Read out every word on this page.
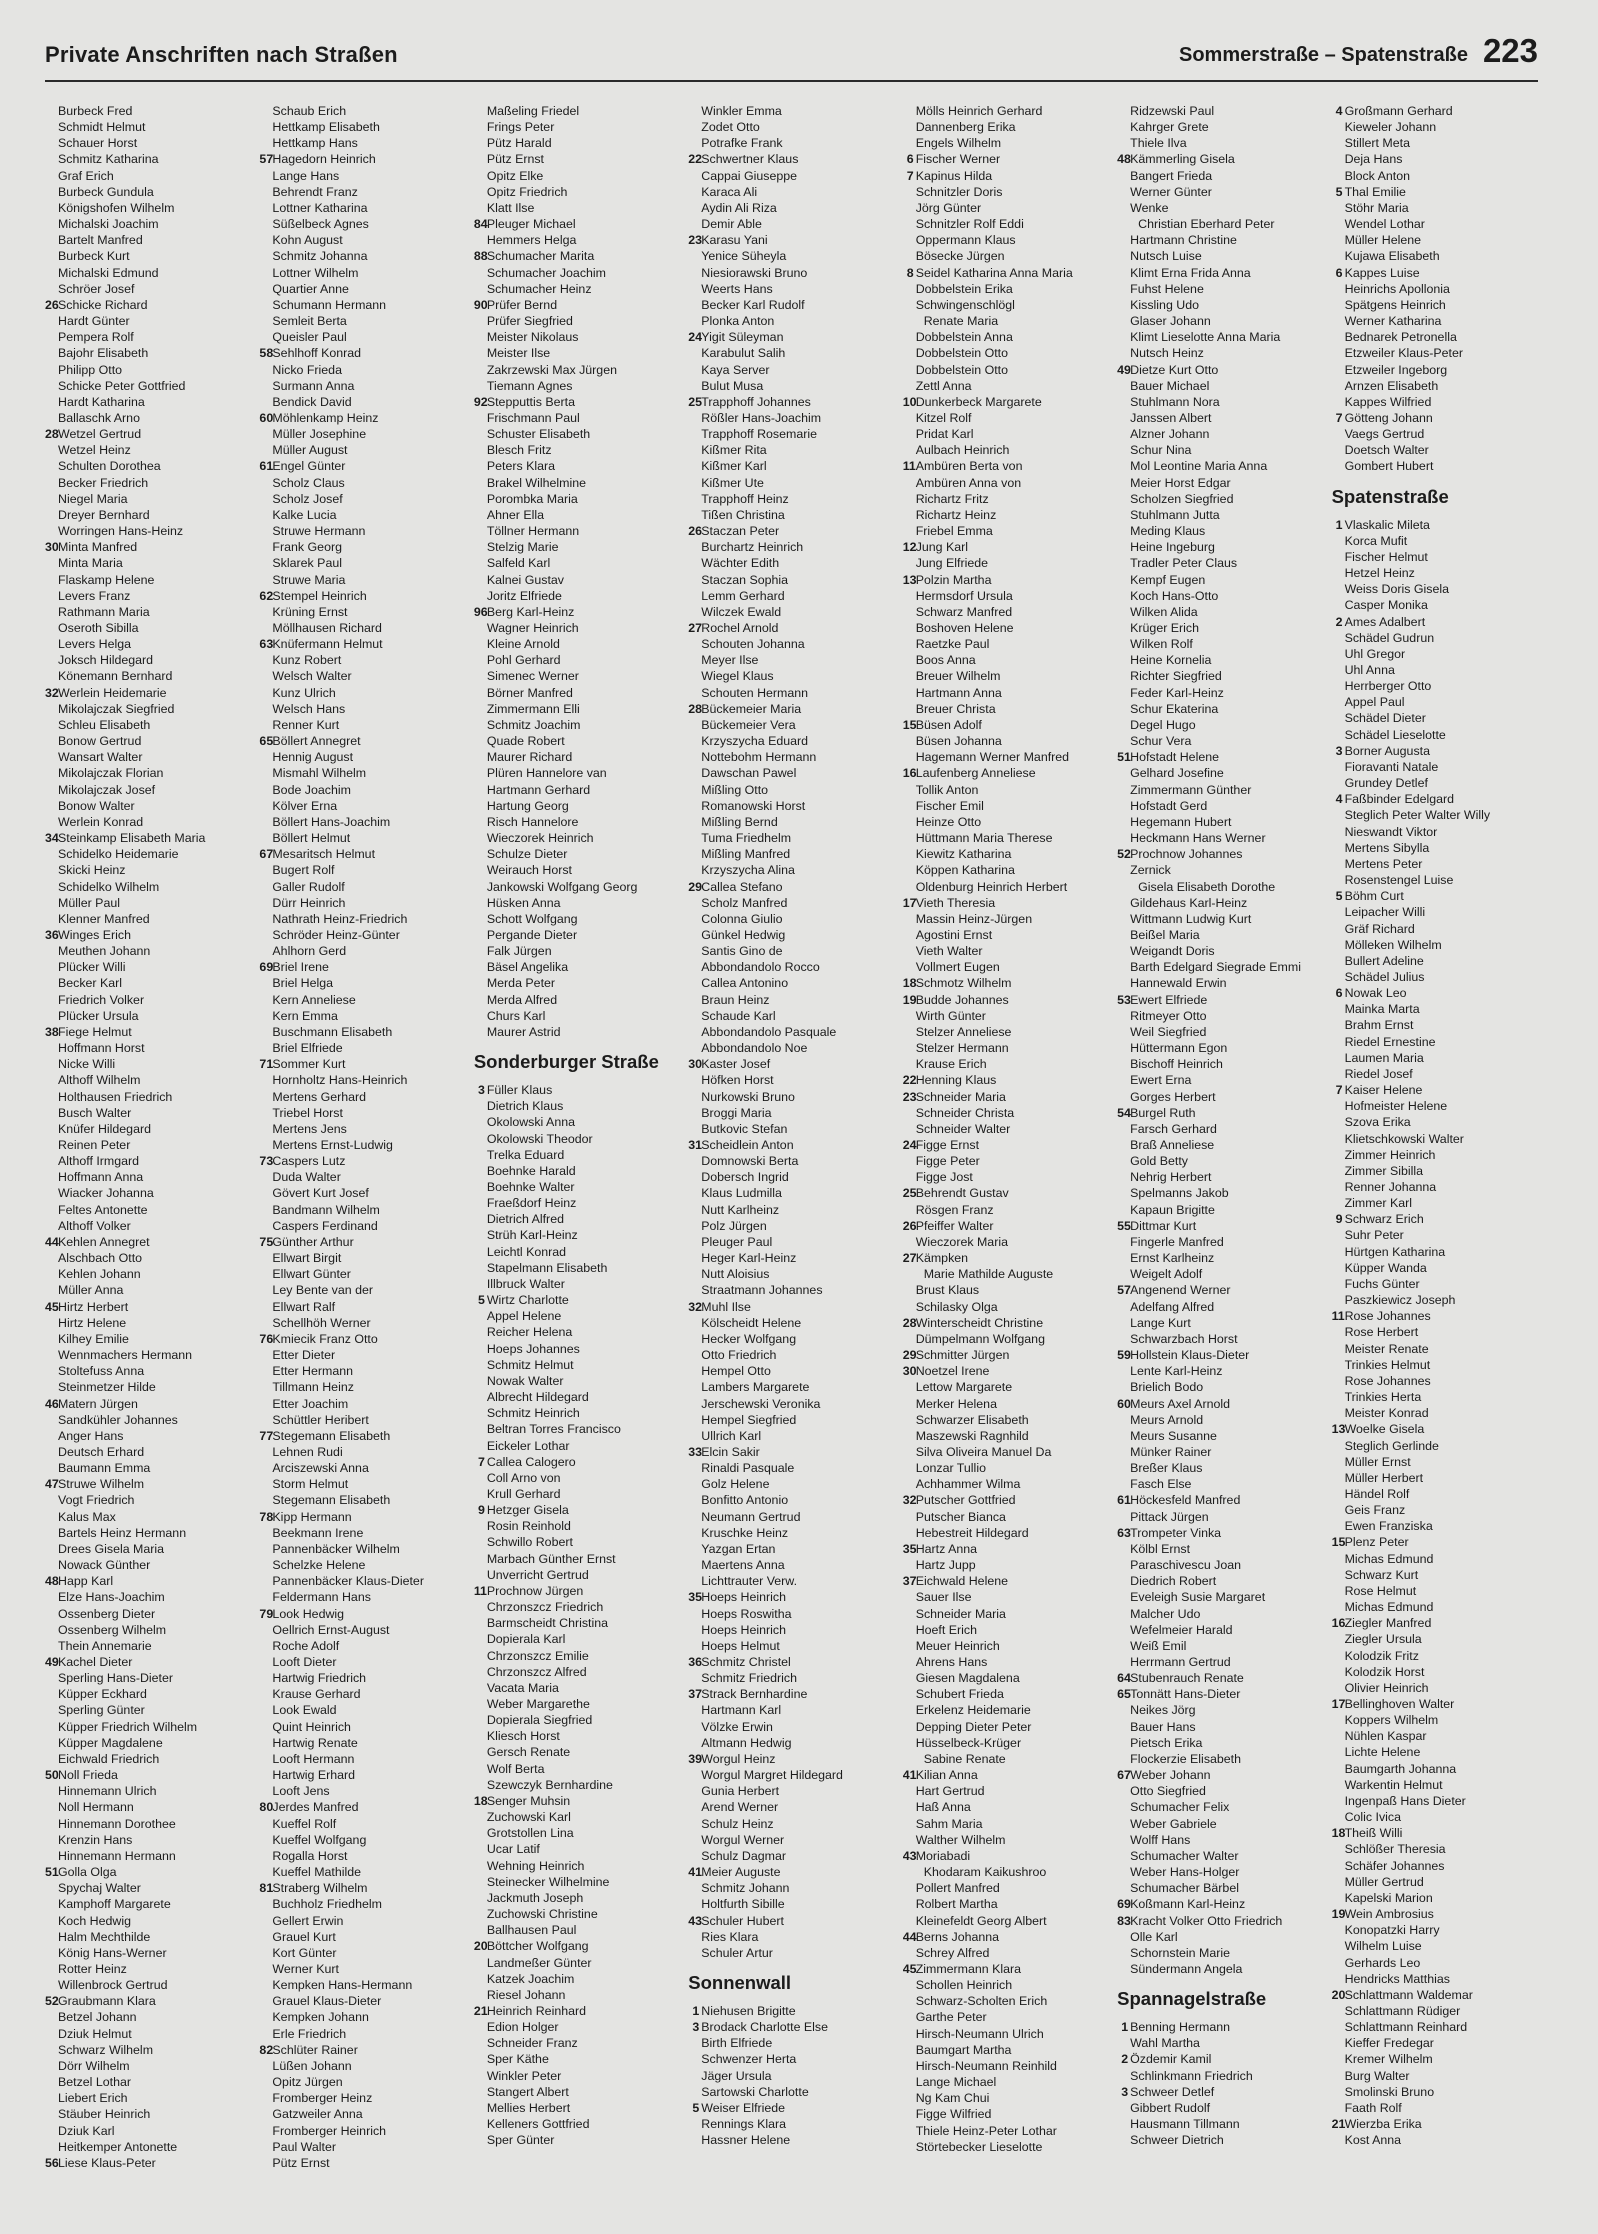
Private Anschriften nach Straßen	Sommerstraße – Spatenstraße 223
Burbeck Fred
Schmidt Helmut
Schauer Horst
Schmitz Katharina
Graf Erich
Burbeck Gundula
Königshofen Wilhelm
Michalski Joachim
Bartelt Manfred
Burbeck Kurt
Michalski Edmund
Schröer Josef
26 Schicke Richard
Hardt Günter
Pempera Rolf
Bajohr Elisabeth
Philipp Otto
Schicke Peter Gottfried
Hardt Katharina
Ballaschk Arno
28 Wetzel Gertrud
Wetzel Heinz
Schulten Dorothea
Becker Friedrich
Niegel Maria
Dreyer Bernhard
Worringen Hans-Heinz
30 Minta Manfred
Minta Maria
Flaskamp Helene
Levers Franz
Rathmann Maria
Oseroth Sibilla
Levers Helga
Joksch Hildegard
Könemann Bernhard
32 Werlein Heidemarie
Mikolajczak Siegfried
Schleu Elisabeth
Bonow Gertrud
Wansart Walter
Mikolajczak Florian
Mikolajczak Josef
Bonow Walter
Werlein Konrad
34 Steinkamp Elisabeth Maria
Schidelko Heidemarie
Skicki Heinz
Schidelko Wilhelm
Müller Paul
Klenner Manfred
36 Winges Erich
Meuthen Johann
Plücker Willi
Becker Karl
Friedrich Volker
Plücker Ursula
38 Fiege Helmut
Hoffmann Horst
Nicke Willi
Althoff Wilhelm
Holthausen Friedrich
Busch Walter
Knüfer Hildegard
Reinen Peter
Althoff Irmgard
Hoffmann Anna
Wiacker Johanna
Feltes Antonette
Althoff Volker
44 Kehlen Annegret
Alschbach Otto
Kehlen Johann
Müller Anna
45 Hirtz Herbert
Hirtz Helene
Kilhey Emilie
Wennmachers Hermann
Stoltefuss Anna
Steinmetzer Hilde
46 Matern Jürgen
Sandkühler Johannes
Anger Hans
Deutsch Erhard
Baumann Emma
47 Struwe Wilhelm
Vogt Friedrich
Kalus Max
Bartels Heinz Hermann
Drees Gisela Maria
Nowack Günther
48 Happ Karl
Elze Hans-Joachim
Ossenberg Dieter
Ossenberg Wilhelm
Thein Annemarie
49 Kachel Dieter
Sperling Hans-Dieter
Küpper Eckhard
Sperling Günter
Küpper Friedrich Wilhelm
Küpper Magdalene
Eichwald Friedrich
50 Noll Frieda
Hinnemann Ulrich
Noll Hermann
Hinnemann Dorothee
Krenzin Hans
Hinnemann Hermann
51 Golla Olga
Spychaj Walter
Kamphoff Margarete
Koch Hedwig
Halm Mechthilde
König Hans-Werner
Rotter Heinz
Willenbrock Gertrud
52 Graubmann Klara
Betzel Johann
Dziuk Helmut
Schwarz Wilhelm
Dörr Wilhelm
Betzel Lothar
Liebert Erich
Stäuber Heinrich
Dziuk Karl
Heitkemper Antonette
56 Liese Klaus-Peter
Schaub Erich
Hettkamp Elisabeth
Hettkamp Hans
57 Hagedorn Heinrich
Lange Hans
Behrendt Franz
Lottner Katharina
Süßelbeck Agnes
Kohn August
Schmitz Johanna
Lottner Wilhelm
Quartier Anne
Schumann Hermann
Semleit Berta
Queisler Paul
58 Sehlhoff Konrad
Nicko Frieda
Surmann Anna
Bendick David
60 Möhlenkamp Heinz
Müller Josephine
Müller August
61 Engel Günter
Scholz Claus
Scholz Josef
Kalke Lucia
Struwe Hermann
Frank Georg
Sklarek Paul
Struwe Maria
62 Stempel Heinrich
Krüning Ernst
Möllhausen Richard
63 Knüfermann Helmut
Kunz Robert
Welsch Walter
Kunz Ulrich
Welsch Hans
Renner Kurt
65 Böllert Annegret
Hennig August
Mismahl Wilhelm
Bode Joachim
Kölver Erna
Böllert Hans-Joachim
Böllert Helmut
67 Mesaritsch Helmut
Bugert Rolf
Galler Rudolf
Dürr Heinrich
Nathrath Heinz-Friedrich
Schröder Heinz-Günter
Ahlhorn Gerd
69 Briel Irene
Briel Helga
Kern Anneliese
Kern Emma
Buschmann Elisabeth
Briel Elfriede
71 Sommer Kurt
Hornholtz Hans-Heinrich
Mertens Gerhard
Triebel Horst
Mertens Jens
Mertens Ernst-Ludwig
73 Caspers Lutz
Duda Walter
Gövert Kurt Josef
Bandmann Wilhelm
Caspers Ferdinand
75 Günther Arthur
Ellwart Birgit
Ellwart Günter
Ley Bente van der
Ellwart Ralf
Schellhöh Werner
76 Kmiecik Franz Otto
Etter Dieter
Etter Hermann
Tillmann Heinz
Etter Joachim
Schüttler Heribert
77 Stegemann Elisabeth
Lehnen Rudi
Arciszewski Anna
Storm Helmut
Stegemann Elisabeth
78 Kipp Hermann
Beekmann Irene
Pannenbäcker Wilhelm
Schelzke Helene
Pannenbäcker Klaus-Dieter
Feldermann Hans
79 Look Hedwig
Oellrich Ernst-August
Roche Adolf
Looft Dieter
Hartwig Friedrich
Krause Gerhard
Look Ewald
Quint Heinrich
Hartwig Renate
Looft Hermann
Hartwig Erhard
Looft Jens
80 Jerdes Manfred
Kueffel Rolf
Kueffel Wolfgang
Rogalla Horst
Kueffel Mathilde
81 Straberg Wilhelm
Buchholz Friedhelm
Gellert Erwin
Grauel Kurt
Kort Günter
Werner Kurt
Kempken Hans-Hermann
Grauel Klaus-Dieter
Kempken Johann
Erle Friedrich
82 Schlüter Rainer
Lüßen Johann
Opitz Jürgen
Fromberger Heinz
Gatzweiler Anna
Fromberger Heinrich
Paul Walter
Pütz Ernst
Maßeling Friedel
Frings Peter
Pütz Harald
Pütz Ernst
Opitz Elke
Opitz Friedrich
Klatt Ilse
84 Pleuger Michael
Hemmers Helga
88 Schumacher Marita
Schumacher Joachim
Schumacher Heinz
90 Prüfer Bernd
Prüfer Siegfried
Meister Nikolaus
Meister Ilse
Zakrzewski Max Jürgen
Tiemann Agnes
92 Stepputtis Berta
Frischmann Paul
Schuster Elisabeth
Blesch Fritz
Peters Klara
Brakel Wilhelmine
Porombka Maria
Ahner Ella
Töllner Hermann
Stelzig Marie
Salfeld Karl
Kalnei Gustav
Joritz Elfriede
96 Berg Karl-Heinz
Wagner Heinrich
Kleine Arnold
Pohl Gerhard
Simenec Werner
Börner Manfred
Zimmermann Elli
Schmitz Joachim
Quade Robert
Maurer Richard
Plüren Hannelore van
Hartmann Gerhard
Hartung Georg
Risch Hannelore
Wieczorek Heinrich
Schulze Dieter
Weirauch Horst
Jankowski Wolfgang Georg
Hüsken Anna
Schott Wolfgang
Pergande Dieter
Falk Jürgen
Bäsel Angelika
Merda Peter
Merda Alfred
Churs Karl
Maurer Astrid
Sonderburger Straße
3 Füller Klaus
Dietrich Klaus
Okolowski Anna
Okolowski Theodor
Trelka Eduard
Boehnke Harald
Boehnke Walter
Fraeßdorf Heinz
Dietrich Alfred
Strüh Karl-Heinz
Leichtl Konrad
Stapelmann Elisabeth
Illbruck Walter
5 Wirtz Charlotte
Appel Helene
Reicher Helena
Hoeps Johannes
Schmitz Helmut
Nowak Walter
Albrecht Hildegard
Schmitz Heinrich
Beltran Torres Francisco
Eickeler Lothar
7 Callea Calogero
Coll Arno von
Krull Gerhard
9 Hetzger Gisela
Rosin Reinhold
Schwillo Robert
Marbach Günther Ernst
Unverricht Gertrud
11 Prochnow Jürgen
Chrzonszcz Friedrich
Barmscheidt Christina
Dopierala Karl
Chrzonszcz Emilie
Chrzonszcz Alfred
Vacata Maria
Weber Margarethe
Dopierala Siegfried
Kliesch Horst
Gersch Renate
Wolf Berta
Szewczyk Bernhardine
18 Senger Muhsin
Zuchowski Karl
Grotstollen Lina
Ucar Latif
Wehning Heinrich
Steinecker Wilhelmine
Jackmuth Joseph
Zuchowski Christine
Ballhausen Paul
20 Böttcher Wolfgang
Landmeßer Günter
Katzek Joachim
Riesel Johann
21 Heinrich Reinhard
Edion Holger
Schneider Franz
Sper Käthe
Winkler Peter
Stangert Albert
Mellies Herbert
Kelleners Gottfried
Sper Günter
Winkler Emma
Zodet Otto
Potrafke Frank
22 Schwertner Klaus
Cappai Giuseppe
Karaca Ali
Aydin Ali Riza
Demir Able
23 Karasu Yani
Yenice Süheyla
Niesiorawski Bruno
Weerts Hans
Becker Karl Rudolf
Plonka Anton
24 Yigit Süleyman
Karabulut Salih
Kaya Server
Bulut Musa
25 Trapphoff Johannes
Rößler Hans-Joachim
Trapphoff Rosemarie
Kißmer Rita
Kißmer Karl
Kißmer Ute
Trapphoff Heinz
Tißen Christina
26 Staczan Peter
Burchartz Heinrich
Wächter Edith
Staczan Sophia
Lemm Gerhard
Wilczek Ewald
27 Rochel Arnold
Schouten Johanna
Meyer Ilse
Wiegel Klaus
Schouten Hermann
28 Bückemeier Maria
Bückemeier Vera
Krzyszycha Eduard
Nottebohm Hermann
Dawschan Pawel
Mißling Otto
Romanowski Horst
Mißling Bernd
Tuma Friedhelm
Mißling Manfred
Krzyszycha Alina
29 Callea Stefano
Scholz Manfred
Colonna Giulio
Günkel Hedwig
Santis Gino de
Abbondandolo Rocco
Callea Antonino
Braun Heinz
Schaude Karl
Abbondandolo Pasquale
Abbondandolo Noe
30 Kaster Josef
Höfken Horst
Nurkowski Bruno
Broggi Maria
Butkovic Stefan
31 Scheidlein Anton
Domnowski Berta
Dobersch Ingrid
Klaus Ludmilla
Nutt Karlheinz
Polz Jürgen
Pleuger Paul
Heger Karl-Heinz
Nutt Aloisius
Straatmann Johannes
32 Muhl Ilse
Kölscheidt Helene
Hecker Wolfgang
Otto Friedrich
Hempel Otto
Lambers Margarete
Jerschewski Veronika
Hempel Siegfried
Ullrich Karl
33 Elcin Sakir
Rinaldi Pasquale
Golz Helene
Bonfitto Antonio
Neumann Gertrud
Kruschke Heinz
Yazgan Ertan
Maertens Anna
Lichttrauter Verw.
35 Hoeps Heinrich
Hoeps Roswitha
Hoeps Heinrich
Hoeps Helmut
36 Schmitz Christel
Schmitz Friedrich
37 Strack Bernhardine
Hartmann Karl
Völzke Erwin
Altmann Hedwig
39 Worgul Heinz
Worgul Margret Hildegard
Gunia Herbert
Arend Werner
Schulz Heinz
Worgul Werner
Schulz Dagmar
41 Meier Auguste
Schmitz Johann
Holtfurth Sibille
43 Schuler Hubert
Ries Klara
Schuler Artur
Sonnenwall
1 Niehusen Brigitte
3 Brodack Charlotte Else
Birth Elfriede
Schwenzer Herta
Jäger Ursula
Sartowski Charlotte
5 Weiser Elfriede
Rennings Klara
Hassner Helene
Mölls Heinrich Gerhard
Dannenberg Erika
Engels Wilhelm
6 Fischer Werner
7 Kapinus Hilda
Schnitzler Doris
Jörg Günter
Schnitzler Rolf Eddi
Oppermann Klaus
Bösecke Jürgen
8 Seidel Katharina Anna Maria
Dobbelstein Erika
Schwingenschlögl
Renate Maria
Dobbelstein Anna
Dobbelstein Otto
Dobbelstein Otto
Zettl Anna
10 Dunkerbeck Margarete
Kitzel Rolf
Pridat Karl
Aulbach Heinrich
11 Ambüren Berta von
Ambüren Anna von
Richartz Fritz
Richartz Heinz
Friebel Emma
12 Jung Karl
Jung Elfriede
13 Polzin Martha
Hermsdorf Ursula
Schwarz Manfred
Boshoven Helene
Raetzke Paul
Boos Anna
Breuer Wilhelm
Hartmann Anna
Breuer Christa
15 Büsen Adolf
Büsen Johanna
Hagemann Werner Manfred
16 Laufenberg Anneliese
Tollik Anton
Fischer Emil
Heinze Otto
Hüttmann Maria Therese
Kiewitz Katharina
Köppen Katharina
Oldenburg Heinrich Herbert
17 Vieth Theresia
Massin Heinz-Jürgen
Agostini Ernst
Vieth Walter
Vollmert Eugen
18 Schmotz Wilhelm
19 Budde Johannes
Wirth Günter
Stelzer Anneliese
Stelzer Hermann
Krause Erich
22 Henning Klaus
23 Schneider Maria
Schneider Christa
Schneider Walter
24 Figge Ernst
Figge Peter
Figge Jost
25 Behrendt Gustav
Rösgen Franz
26 Pfeiffer Walter
Wieczorek Maria
27 Kämpken
Marie Mathilde Auguste
Brust Klaus
Schilasky Olga
28 Winterscheidt Christine
Dümpelmann Wolfgang
29 Schmitter Jürgen
30 Noetzel Irene
Lettow Margarete
Merker Helena
Schwarzer Elisabeth
Maszewski Ragnhild
Silva Oliveira Manuel Da
Lonzar Tullio
Achhammer Wilma
32 Putscher Gottfried
Putscher Bianca
Hebestreit Hildegard
35 Hartz Anna
Hartz Jupp
37 Eichwald Helene
Sauer Ilse
Schneider Maria
Hoeft Erich
Meuer Heinrich
Ahrens Hans
Giesen Magdalena
Schubert Frieda
Erkelenz Heidemarie
Depping Dieter Peter
Hüsselbeck-Krüger
Sabine Renate
41 Kilian Anna
Hart Gertrud
Haß Anna
Sahm Maria
Walther Wilhelm
43 Moriabadi
Khodaram Kaikushroo
Pollert Manfred
Rolbert Martha
Kleinefeldt Georg Albert
44 Berns Johanna
Schrey Alfred
45 Zimmermann Klara
Schollen Heinrich
Schwarz-Scholten Erich
Garthe Peter
Hirsch-Neumann Ulrich
Baumgart Martha
Hirsch-Neumann Reinhild
Lange Michael
Ng Kam Chui
Figge Wilfried
Thiele Heinz-Peter Lothar
Störtebecker Lieselotte
Ridzewski Paul
Kahrger Grete
Thiele Ilva
48 Kämmerling Gisela
Bangert Frieda
Werner Günter
Wenke
Christian Eberhard Peter
Hartmann Christine
Nutsch Luise
Klimt Erna Frida Anna
Fuhst Helene
Kissling Udo
Glaser Johann
Klimt Lieselotte Anna Maria
Nutsch Heinz
49 Dietze Kurt Otto
Bauer Michael
Stuhlmann Nora
Janssen Albert
Alzner Johann
Schur Nina
Mol Leontine Maria Anna
Meier Horst Edgar
Scholzen Siegfried
Stuhlmann Jutta
Meding Klaus
Heine Ingeburg
Tradler Peter Claus
Kempf Eugen
Koch Hans-Otto
Wilken Alida
Krüger Erich
Wilken Rolf
Heine Kornelia
Richter Siegfried
Feder Karl-Heinz
Schur Ekaterina
Degel Hugo
Schur Vera
51 Hofstadt Helene
Gelhard Josefine
Zimmermann Günther
Hofstadt Gerd
Hegemann Hubert
Heckmann Hans Werner
52 Prochnow Johannes
Zernick
Gisela Elisabeth Dorothe
Gildehaus Karl-Heinz
Wittmann Ludwig Kurt
Beißel Maria
Weigandt Doris
Barth Edelgard Siegrade Emmi
Hannewald Erwin
53 Ewert Elfriede
Ritmeyer Otto
Weil Siegfried
Hüttermann Egon
Bischoff Heinrich
Ewert Erna
Gorges Herbert
54 Burgel Ruth
Farsch Gerhard
Braß Anneliese
Gold Betty
Nehrig Herbert
Spelmanns Jakob
Kapaun Brigitte
55 Dittmar Kurt
Fingerle Manfred
Ernst Karlheinz
Weigelt Adolf
57 Angenend Werner
Adelfang Alfred
Lange Kurt
Schwarzbach Horst
59 Hollstein Klaus-Dieter
Lente Karl-Heinz
Brielich Bodo
60 Meurs Axel Arnold
Meurs Arnold
Meurs Susanne
Münker Rainer
Breßer Klaus
Fasch Else
61 Höckesfeld Manfred
Pittack Jürgen
63 Trompeter Vinka
Kölbl Ernst
Paraschivescu Joan
Diedrich Robert
Eveleigh Susie Margaret
Malcher Udo
Wefelmeier Harald
Weiß Emil
Herrmann Gertrud
64 Stubenrauch Renate
65 Tonnätt Hans-Dieter
Neikes Jörg
Bauer Hans
Pietsch Erika
Flockerzie Elisabeth
67 Weber Johann
Otto Siegfried
Schumacher Felix
Weber Gabriele
Wolff Hans
Schumacher Walter
Weber Hans-Holger
Schumacher Bärbel
69 Koßmann Karl-Heinz
83 Kracht Volker Otto Friedrich
Olle Karl
Schornstein Marie
Sündermann Angela
Spannagelstraße
1 Benning Hermann
Wahl Martha
2 Özdemir Kamil
Schlinkmann Friedrich
3 Schweer Detlef
Gibbert Rudolf
Hausmann Tillmann
Schweer Dietrich
4 Großmann Gerhard
Kieweler Johann
Stillert Meta
Deja Hans
Block Anton
5 Thal Emilie
Stöhr Maria
Wendel Lothar
Müller Helene
Kujawa Elisabeth
6 Kappes Luise
Heinrichs Apollonia
Spätgens Heinrich
Werner Katharina
Bednarek Petronella
Etzweiler Klaus-Peter
Etzweiler Ingeborg
Arnzen Elisabeth
Kappes Wilfried
7 Götteng Johann
Vaegs Gertrud
Doetsch Walter
Gombert Hubert
Spatenstraße
1 Vlaskalic Mileta
Korca Mufit
Fischer Helmut
Hetzel Heinz
Weiss Doris Gisela
Casper Monika
2 Ames Adalbert
Schädel Gudrun
Uhl Gregor
Uhl Anna
Herrberger Otto
Appel Paul
Schädel Dieter
Schädel Lieselotte
3 Borner Augusta
Fioravanti Natale
Grundey Detlef
4 Faßbinder Edelgard
Steglich Peter Walter Willy
Nieswandt Viktor
Mertens Sibylla
Mertens Peter
Rosenstengel Luise
5 Böhm Curt
Leipacher Willi
Gräf Richard
Mölleken Wilhelm
Bullert Adeline
Schädel Julius
6 Nowak Leo
Mainka Marta
Brahm Ernst
Riedel Ernestine
Laumen Maria
Riedel Josef
7 Kaiser Helene
Hofmeister Helene
Szova Erika
Klietschkowski Walter
Zimmer Heinrich
Zimmer Sibilla
Renner Johanna
Zimmer Karl
9 Schwarz Erich
Suhr Peter
Hürtgen Katharina
Küpper Wanda
Fuchs Günter
Paszkiewicz Joseph
11 Rose Johannes
Rose Herbert
Meister Renate
Trinkies Helmut
Rose Johannes
Trinkies Herta
Meister Konrad
13 Woelke Gisela
Steglich Gerlinde
Müller Ernst
Müller Herbert
Händel Rolf
Geis Franz
Ewen Franziska
15 Plenz Peter
Michas Edmund
Schwarz Kurt
Rose Helmut
Michas Edmund
16 Ziegler Manfred
Ziegler Ursula
Kolodzik Fritz
Kolodzik Horst
Olivier Heinrich
17 Bellinghoven Walter
Koppers Wilhelm
Nühlen Kaspar
Lichte Helene
Baumgarth Johanna
Warkentin Helmut
Ingenpaß Hans Dieter
Colic Ivica
18 Theiß Willi
Schlößer Theresia
Schäfer Johannes
Müller Gertrud
Kapelski Marion
19 Wein Ambrosius
Konopatzki Harry
Wilhelm Luise
Gerhards Leo
Hendricks Matthias
20 Schlattmann Waldemar
Schlattmann Rüdiger
Schlattmann Reinhard
Kieffer Fredegar
Kremer Wilhelm
Burg Walter
Smolinski Bruno
Faath Rolf
21 Wierzba Erika
Kost Anna
